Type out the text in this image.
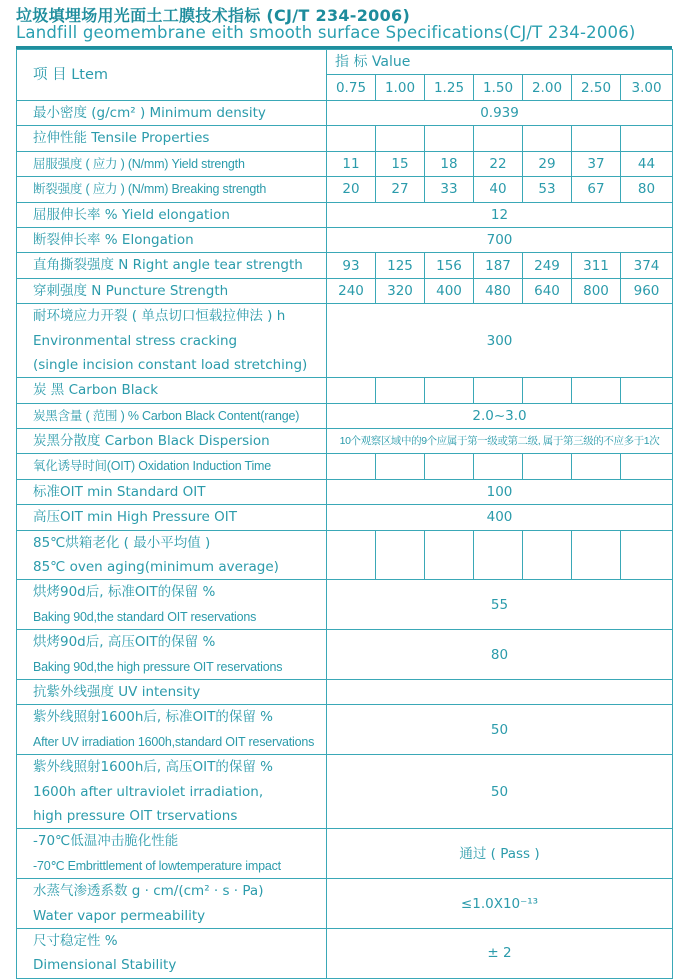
垃圾填埋场用光面土工膜技术指标 (CJ/T 234-2006)
Landfill geomembrane eith smooth surface Specifications(CJ/T 234-2006)
项 目 Ltem	指 标 Value						
	0.75	1.00	1.25	1.50	2.00	2.50	3.00

最小密度 (g/cm² ) Minimum density	0.939						

拉伸性能 Tensile Properties							

屈服强度 ( 应力 ) (N/mm) Yield strength	11	15	18	22	29	37	44

断裂强度 ( 应力 ) (N/mm) Breaking strength	20	27	33	40	53	67	80

屈服伸长率 % Yield elongation	12						

断裂伸长率 % Elongation	700						

直角撕裂强度 N Right angle tear strength	93	125	156	187	249	311	374

穿刺强度 N Puncture Strength	240	320	400	480	640	800	960

耐环境应力开裂 ( 单点切口恒载拉伸法 ) h
Environmental stress cracking
(single incision constant load stretching)	300						

炭 黑 Carbon Black							

炭黑含量 ( 范围 ) % Carbon Black Content(range)	2.0~3.0						

炭黑分散度 Carbon Black Dispersion	10个观察区域中的9个应属于第一级或第二级, 属于第三级的不应多于1次						

氧化诱导时间(OIT) Oxidation Induction Time							

标准OIT min Standard OIT	100						

高压OIT min High Pressure OIT	400						

85℃烘箱老化 ( 最小平均值 )
85℃ oven aging(minimum average)							

烘烤90d后, 标准OIT的保留 %
Baking 90d,the standard OIT reservations	55						

烘烤90d后, 高压OIT的保留 %
Baking 90d,the high pressure OIT reservations	80						

抗紫外线强度 UV intensity							

紫外线照射1600h后, 标准OIT的保留 %
After UV irradiation 1600h,standard OIT reservations	50						

紫外线照射1600h后, 高压OIT的保留 %
1600h after ultraviolet irradiation,
high pressure OIT trservations	50						

-70℃低温冲击脆化性能
-70℃ Embrittlement of lowtemperature impact	通过 ( Pass )						

水蒸气渗透系数 g · cm/(cm² · s · Pa)
Water vapor permeability	≤1.0X10⁻¹³						

尺寸稳定性 %
Dimensional Stability	± 2						
